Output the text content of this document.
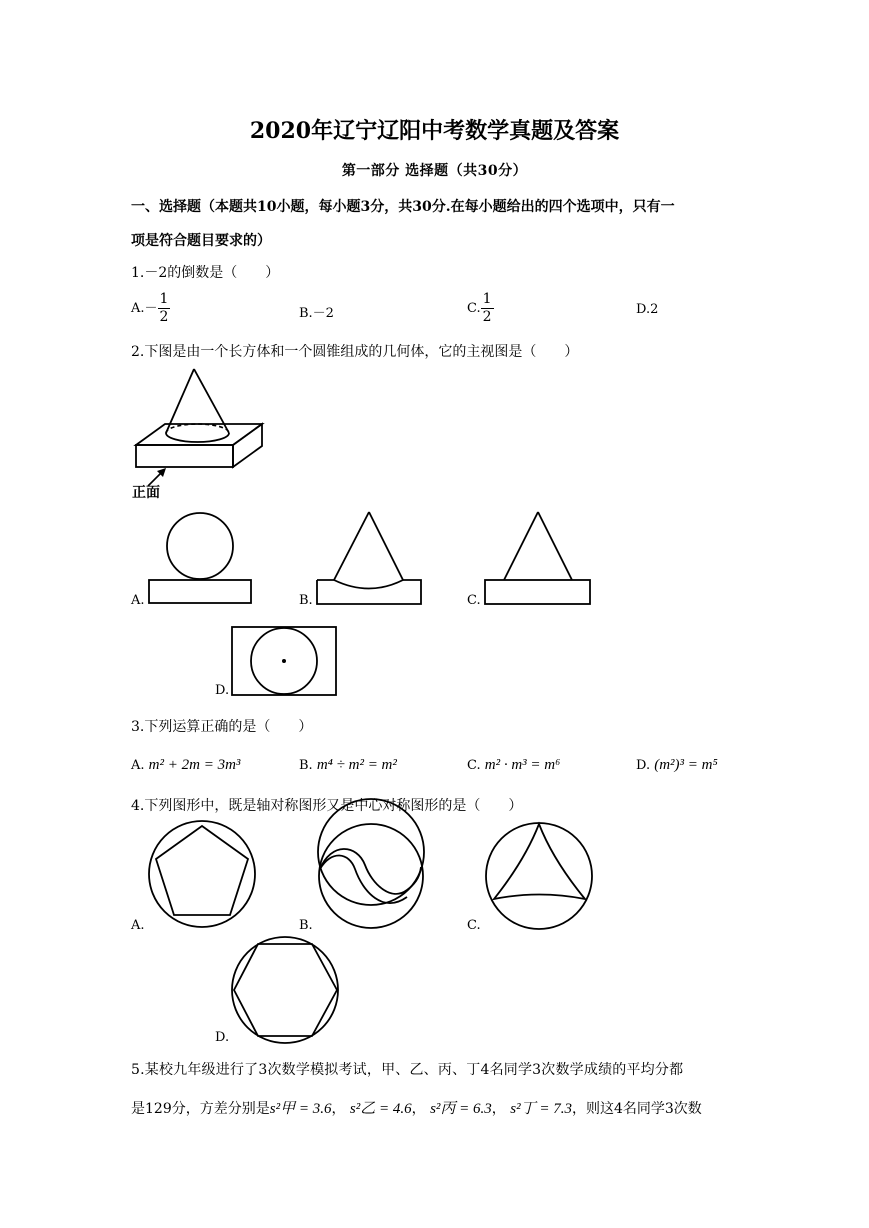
2020年辽宁辽阳中考数学真题及答案
第一部分 选择题（共30分）
一、选择题（本题共10小题，每小题3分，共30分.在每小题给出的四个选项中，只有一
项是符合题目要求的）
1.－2的倒数是（　　）
$A.- \frac{1}{2}$	B.－2	C. $\frac{1}{2}$	D.2
2.下图是由一个长方体和一个圆锥组成的几何体，它的主视图是（　　）
正面
A.	B.	C.
D.
3.下列运算正确的是（　　）
A. m² + 2m = 3m³	B. m⁴ ÷ m² = m²	C. m² · m³ = m⁶	D. (m²)³ = m⁵
4.下列图形中，既是轴对称图形又是中心对称图形的是（　　）
A.	B.	C.
D.
5.某校九年级进行了3次数学模拟考试，甲、乙、丙、丁4名同学3次数学成绩的平均分都
是129分，方差分别是s²甲 = 3.6， s²乙 = 4.6， s²丙 = 6.3， s²丁 = 7.3，则这4名同学3次数
